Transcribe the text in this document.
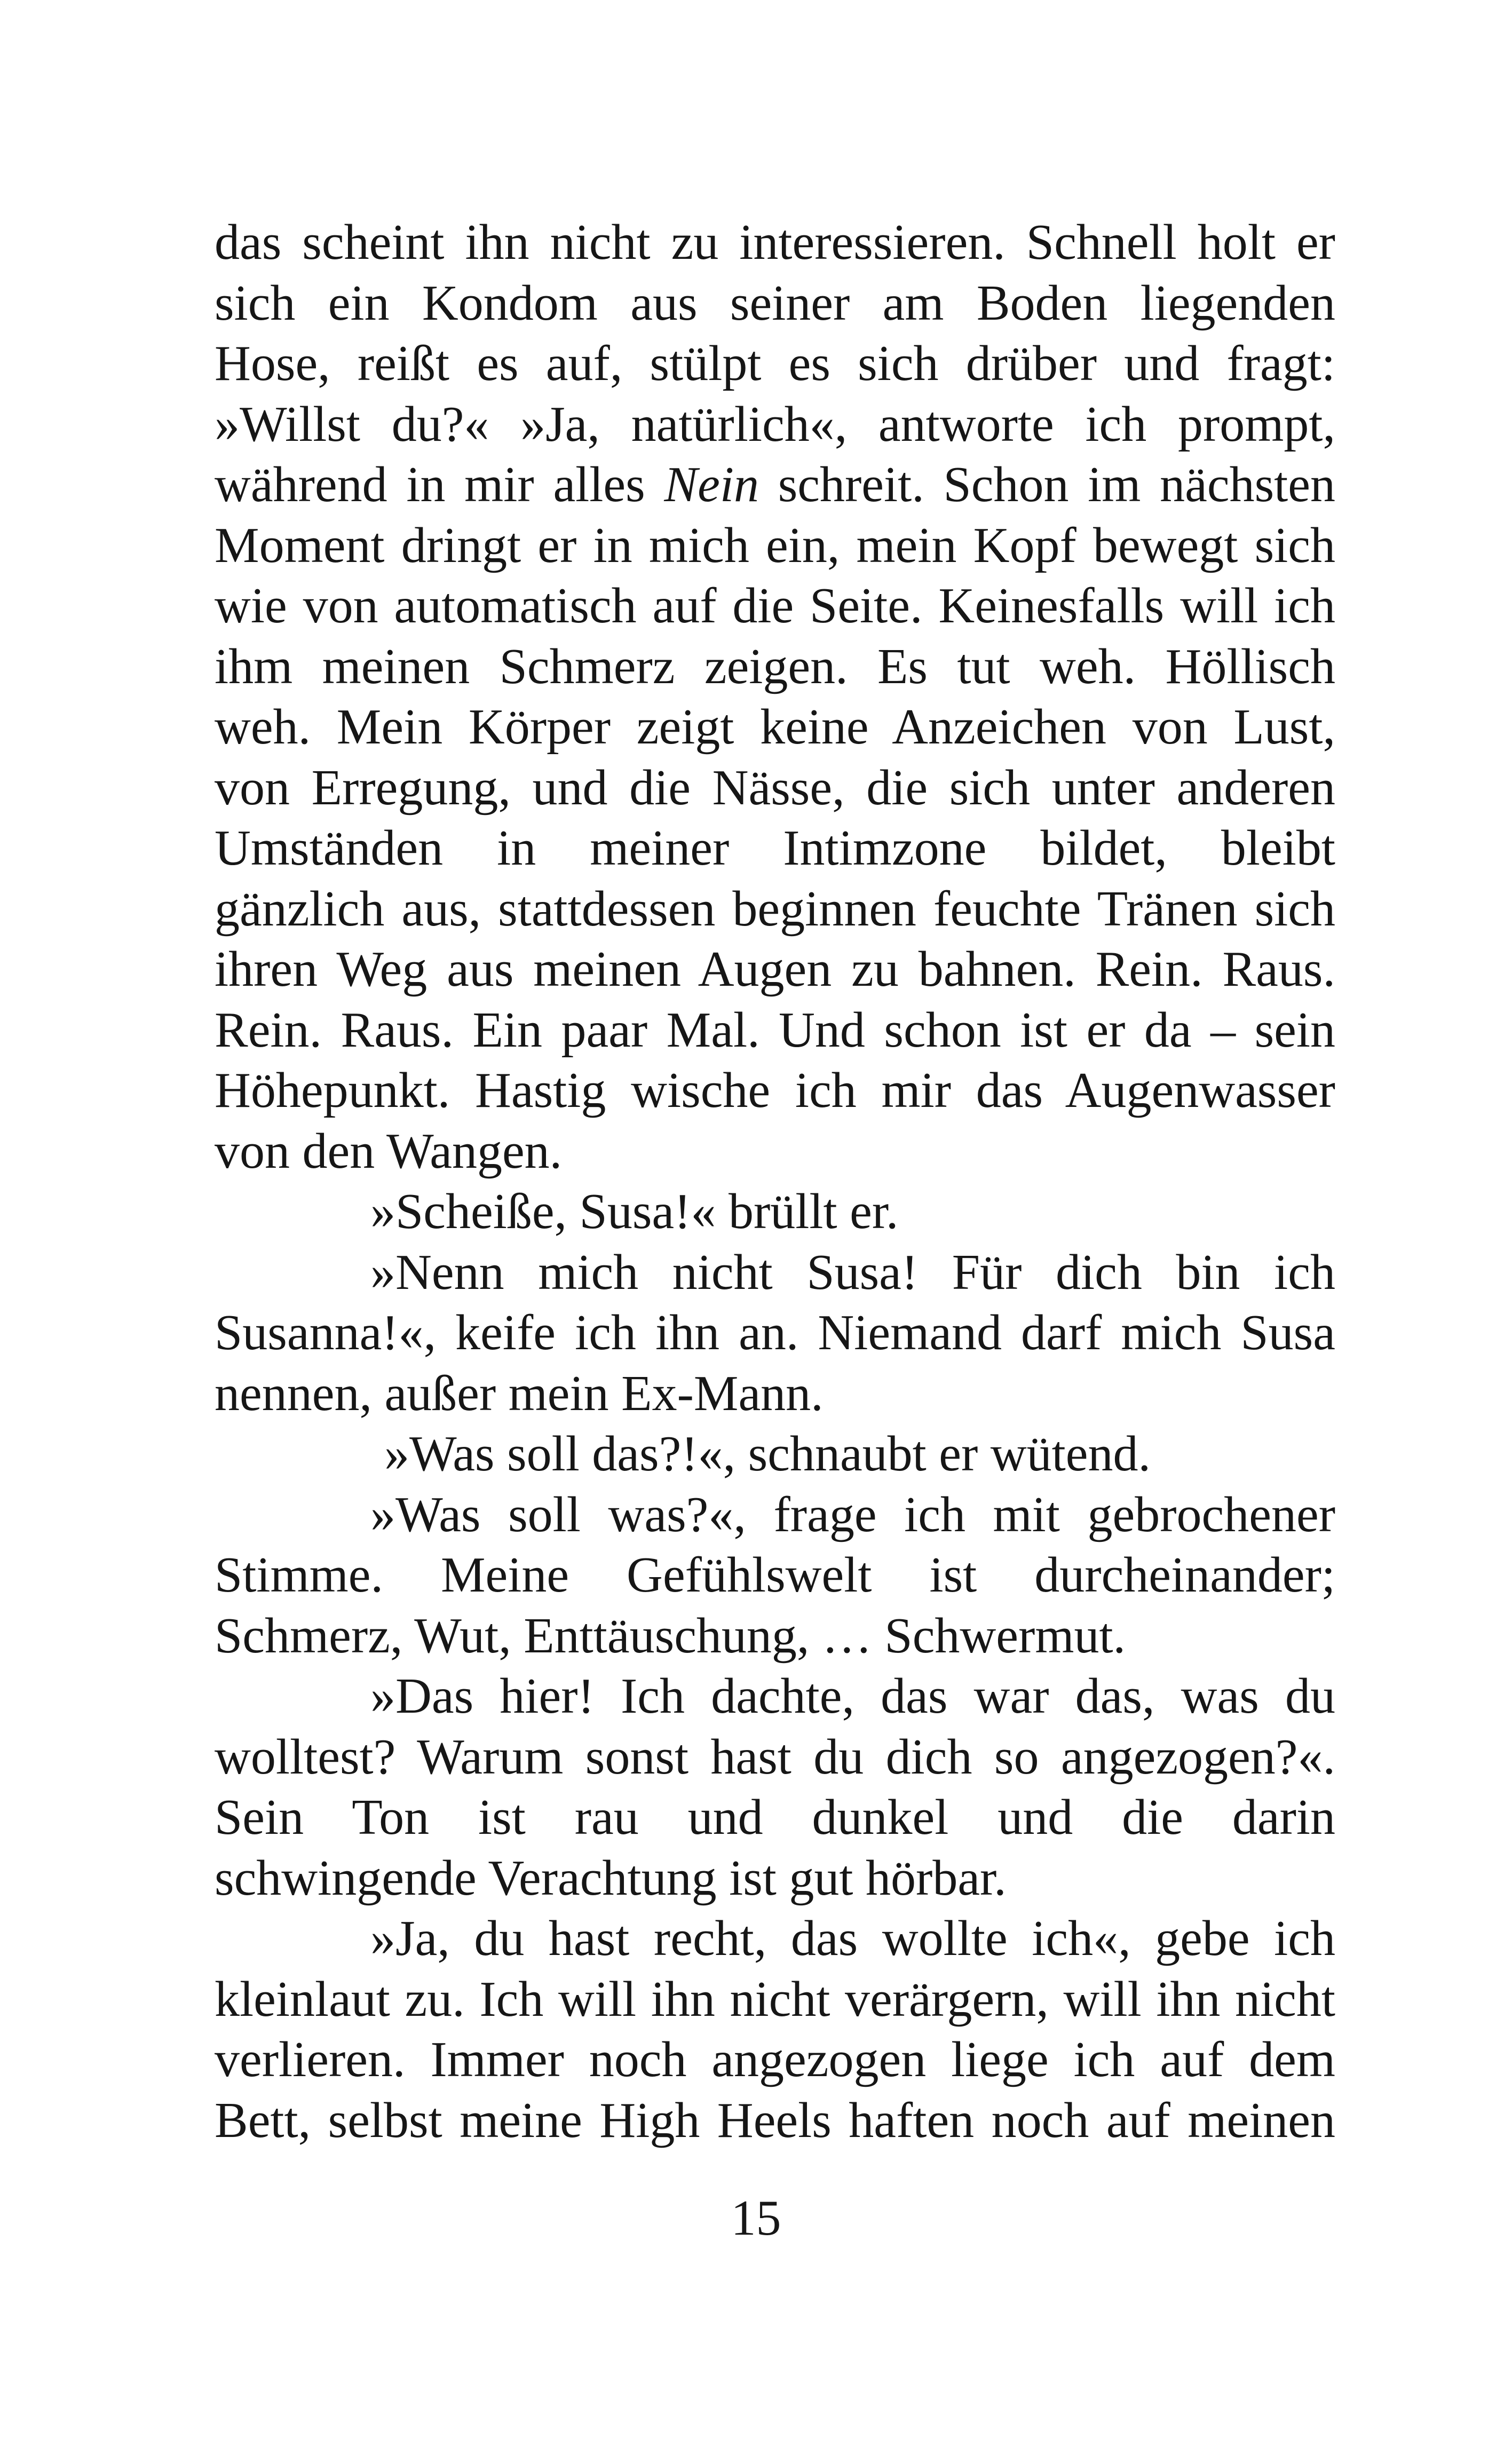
das scheint ihn nicht zu interessieren. Schnell holt er
sich ein Kondom aus seiner am Boden liegenden
Hose, reißt es auf, stülpt es sich drüber und fragt:
»Willst du?« »Ja, natürlich«, antworte ich prompt,
während in mir alles Nein schreit. Schon im nächsten
Moment dringt er in mich ein, mein Kopf bewegt sich
wie von automatisch auf die Seite. Keinesfalls will ich
ihm meinen Schmerz zeigen. Es tut weh. Höllisch
weh. Mein Körper zeigt keine Anzeichen von Lust,
von Erregung, und die Nässe, die sich unter anderen
Umständen in meiner Intimzone bildet, bleibt
gänzlich aus, stattdessen beginnen feuchte Tränen sich
ihren Weg aus meinen Augen zu bahnen. Rein. Raus.
Rein. Raus. Ein paar Mal. Und schon ist er da – sein
Höhepunkt. Hastig wische ich mir das Augenwasser
von den Wangen.
»Scheiße, Susa!« brüllt er.
»Nenn mich nicht Susa! Für dich bin ich
Susanna!«, keife ich ihn an. Niemand darf mich Susa
nennen, außer mein Ex-Mann.
»Was soll das?!«, schnaubt er wütend.
»Was soll was?«, frage ich mit gebrochener
Stimme. Meine Gefühlswelt ist durcheinander;
Schmerz, Wut, Enttäuschung, … Schwermut.
»Das hier! Ich dachte, das war das, was du
wolltest? Warum sonst hast du dich so angezogen?«.
Sein Ton ist rau und dunkel und die darin
schwingende Verachtung ist gut hörbar.
»Ja, du hast recht, das wollte ich«, gebe ich
kleinlaut zu. Ich will ihn nicht verärgern, will ihn nicht
verlieren. Immer noch angezogen liege ich auf dem
Bett, selbst meine High Heels haften noch auf meinen
15
